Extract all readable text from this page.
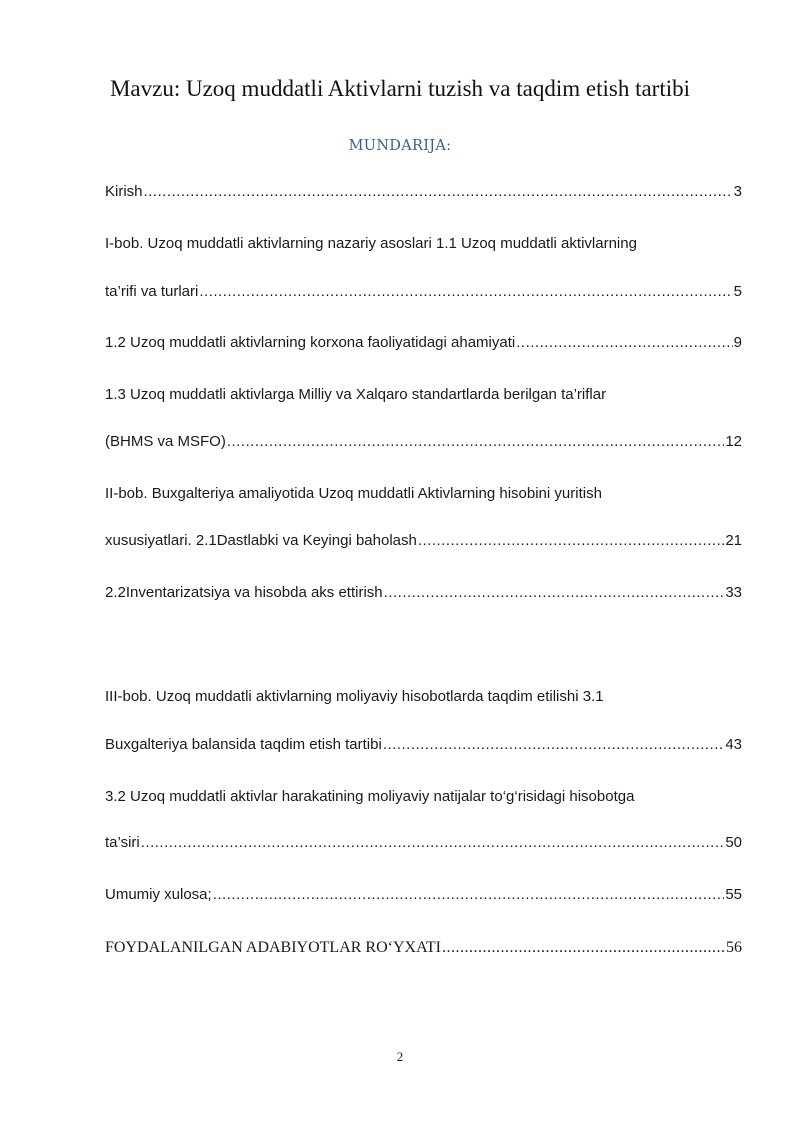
Mavzu: Uzoq muddatli Aktivlarni tuzish va taqdim etish tartibi
MUNDARIJA:
Kirish .....	3
I-bob. Uzoq muddatli aktivlarning nazariy asoslari 1.1 Uzoq muddatli aktivlarning
ta’rifi va turlari .....	5
1.2 Uzoq muddatli aktivlarning korxona faoliyatidagi ahamiyati .....	9
1.3 Uzoq muddatli aktivlarga Milliy va Xalqaro standartlarda berilgan ta’riflar
(BHMS va MSFO) .....	12
II-bob. Buxgalteriya amaliyotida Uzoq muddatli Aktivlarning hisobini yuritish
xususiyatlari. 2.1Dastlabki va Keyingi baholash .....	21
2.2Inventarizatsiya va hisobda aks ettirish .....	33
III-bob. Uzoq muddatli aktivlarning moliyaviy hisobotlarda taqdim etilishi 3.1
Buxgalteriya balansida taqdim etish tartibi .....	43
3.2 Uzoq muddatli aktivlar harakatining moliyaviy natijalar to‘g‘risidagi hisobotga
ta’siri .....	50
Umumiy xulosa; .....	55
FOYDALANILGAN ADABIYOTLAR RO‘YXATI .....	56
2
